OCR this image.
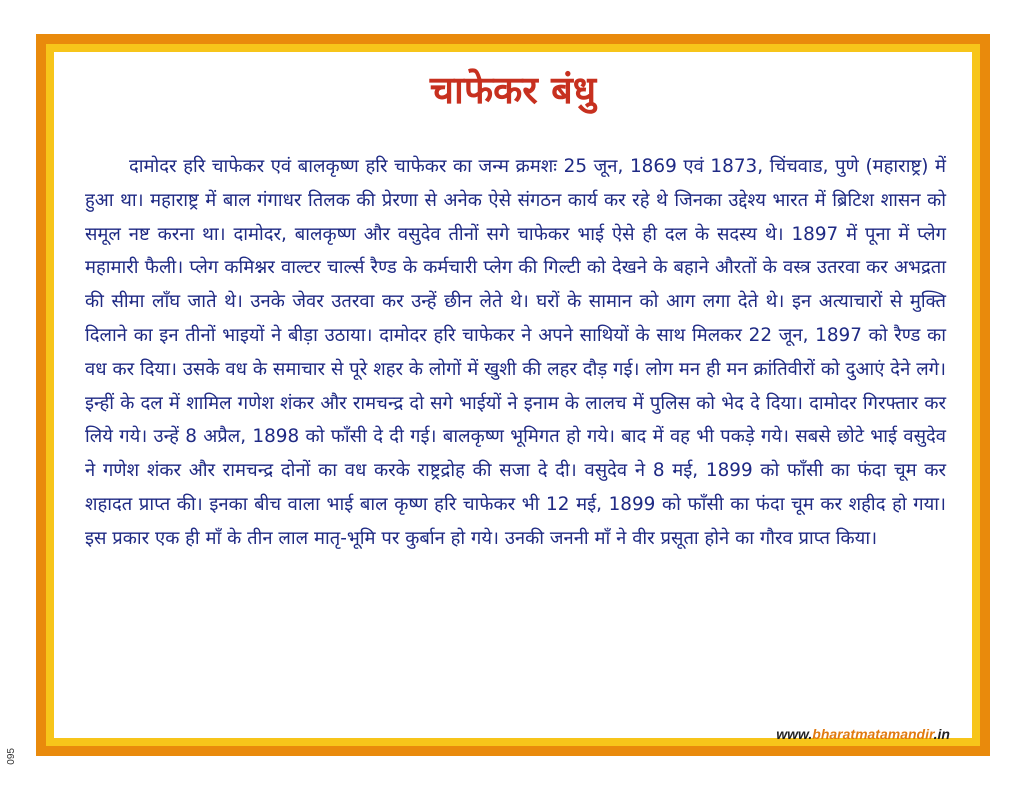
095
चाफेकर बंधु

दामोदर हरि चाफेकर एवं बालकृष्ण हरि चाफेकर का जन्म क्रमशः 25 जून, 1869 एवं 1873, चिंचवाड, पुणे (महाराष्ट्र) में हुआ था। महाराष्ट्र में बाल गंगाधर तिलक की प्रेरणा से अनेक ऐसे संगठन कार्य कर रहे थे जिनका उद्देश्य भारत में ब्रिटिश शासन को समूल नष्ट करना था। दामोदर, बालकृष्ण और वसुदेव तीनों सगे चाफेकर भाई ऐसे ही दल के सदस्य थे। 1897 में पूना में प्लेग महामारी फैली। प्लेग कमिश्नर वाल्टर चार्ल्स रैण्ड के कर्मचारी प्लेग की गिल्टी को देखने के बहाने औरतों के वस्त्र उतरवा कर अभद्रता की सीमा लाँघ जाते थे। उनके जेवर उतरवा कर उन्हें छीन लेते थे। घरों के सामान को आग लगा देते थे। इन अत्याचारों से मुक्ति दिलाने का इन तीनों भाइयों ने बीड़ा उठाया। दामोदर हरि चाफेकर ने अपने साथियों के साथ मिलकर 22 जून, 1897 को रैण्ड का वध कर दिया। उसके वध के समाचार से पूरे शहर के लोगों में खुशी की लहर दौड़ गई। लोग मन ही मन क्रांतिवीरों को दुआएं देने लगे। इन्हीं के दल में शामिल गणेश शंकर और रामचन्द्र दो सगे भाईयों ने इनाम के लालच में पुलिस को भेद दे दिया। दामोदर गिरफ्तार कर लिये गये। उन्हें 8 अप्रैल, 1898 को फाँसी दे दी गई। बालकृष्ण भूमिगत हो गये। बाद में वह भी पकड़े गये। सबसे छोटे भाई वसुदेव ने गणेश शंकर और रामचन्द्र दोनों का वध करके राष्ट्रद्रोह की सजा दे दी। वसुदेव ने 8 मई, 1899 को फाँसी का फंदा चूम कर शहादत प्राप्त की। इनका बीच वाला भाई बाल कृष्ण हरि चाफेकर भी 12 मई, 1899 को फाँसी का फंदा चूम कर शहीद हो गया। इस प्रकार एक ही माँ के तीन लाल मातृ-भूमि पर कुर्बान हो गये। उनकी जननी माँ ने वीर प्रसूता होने का गौरव प्राप्त किया।

www.bharatmatamandir.in
